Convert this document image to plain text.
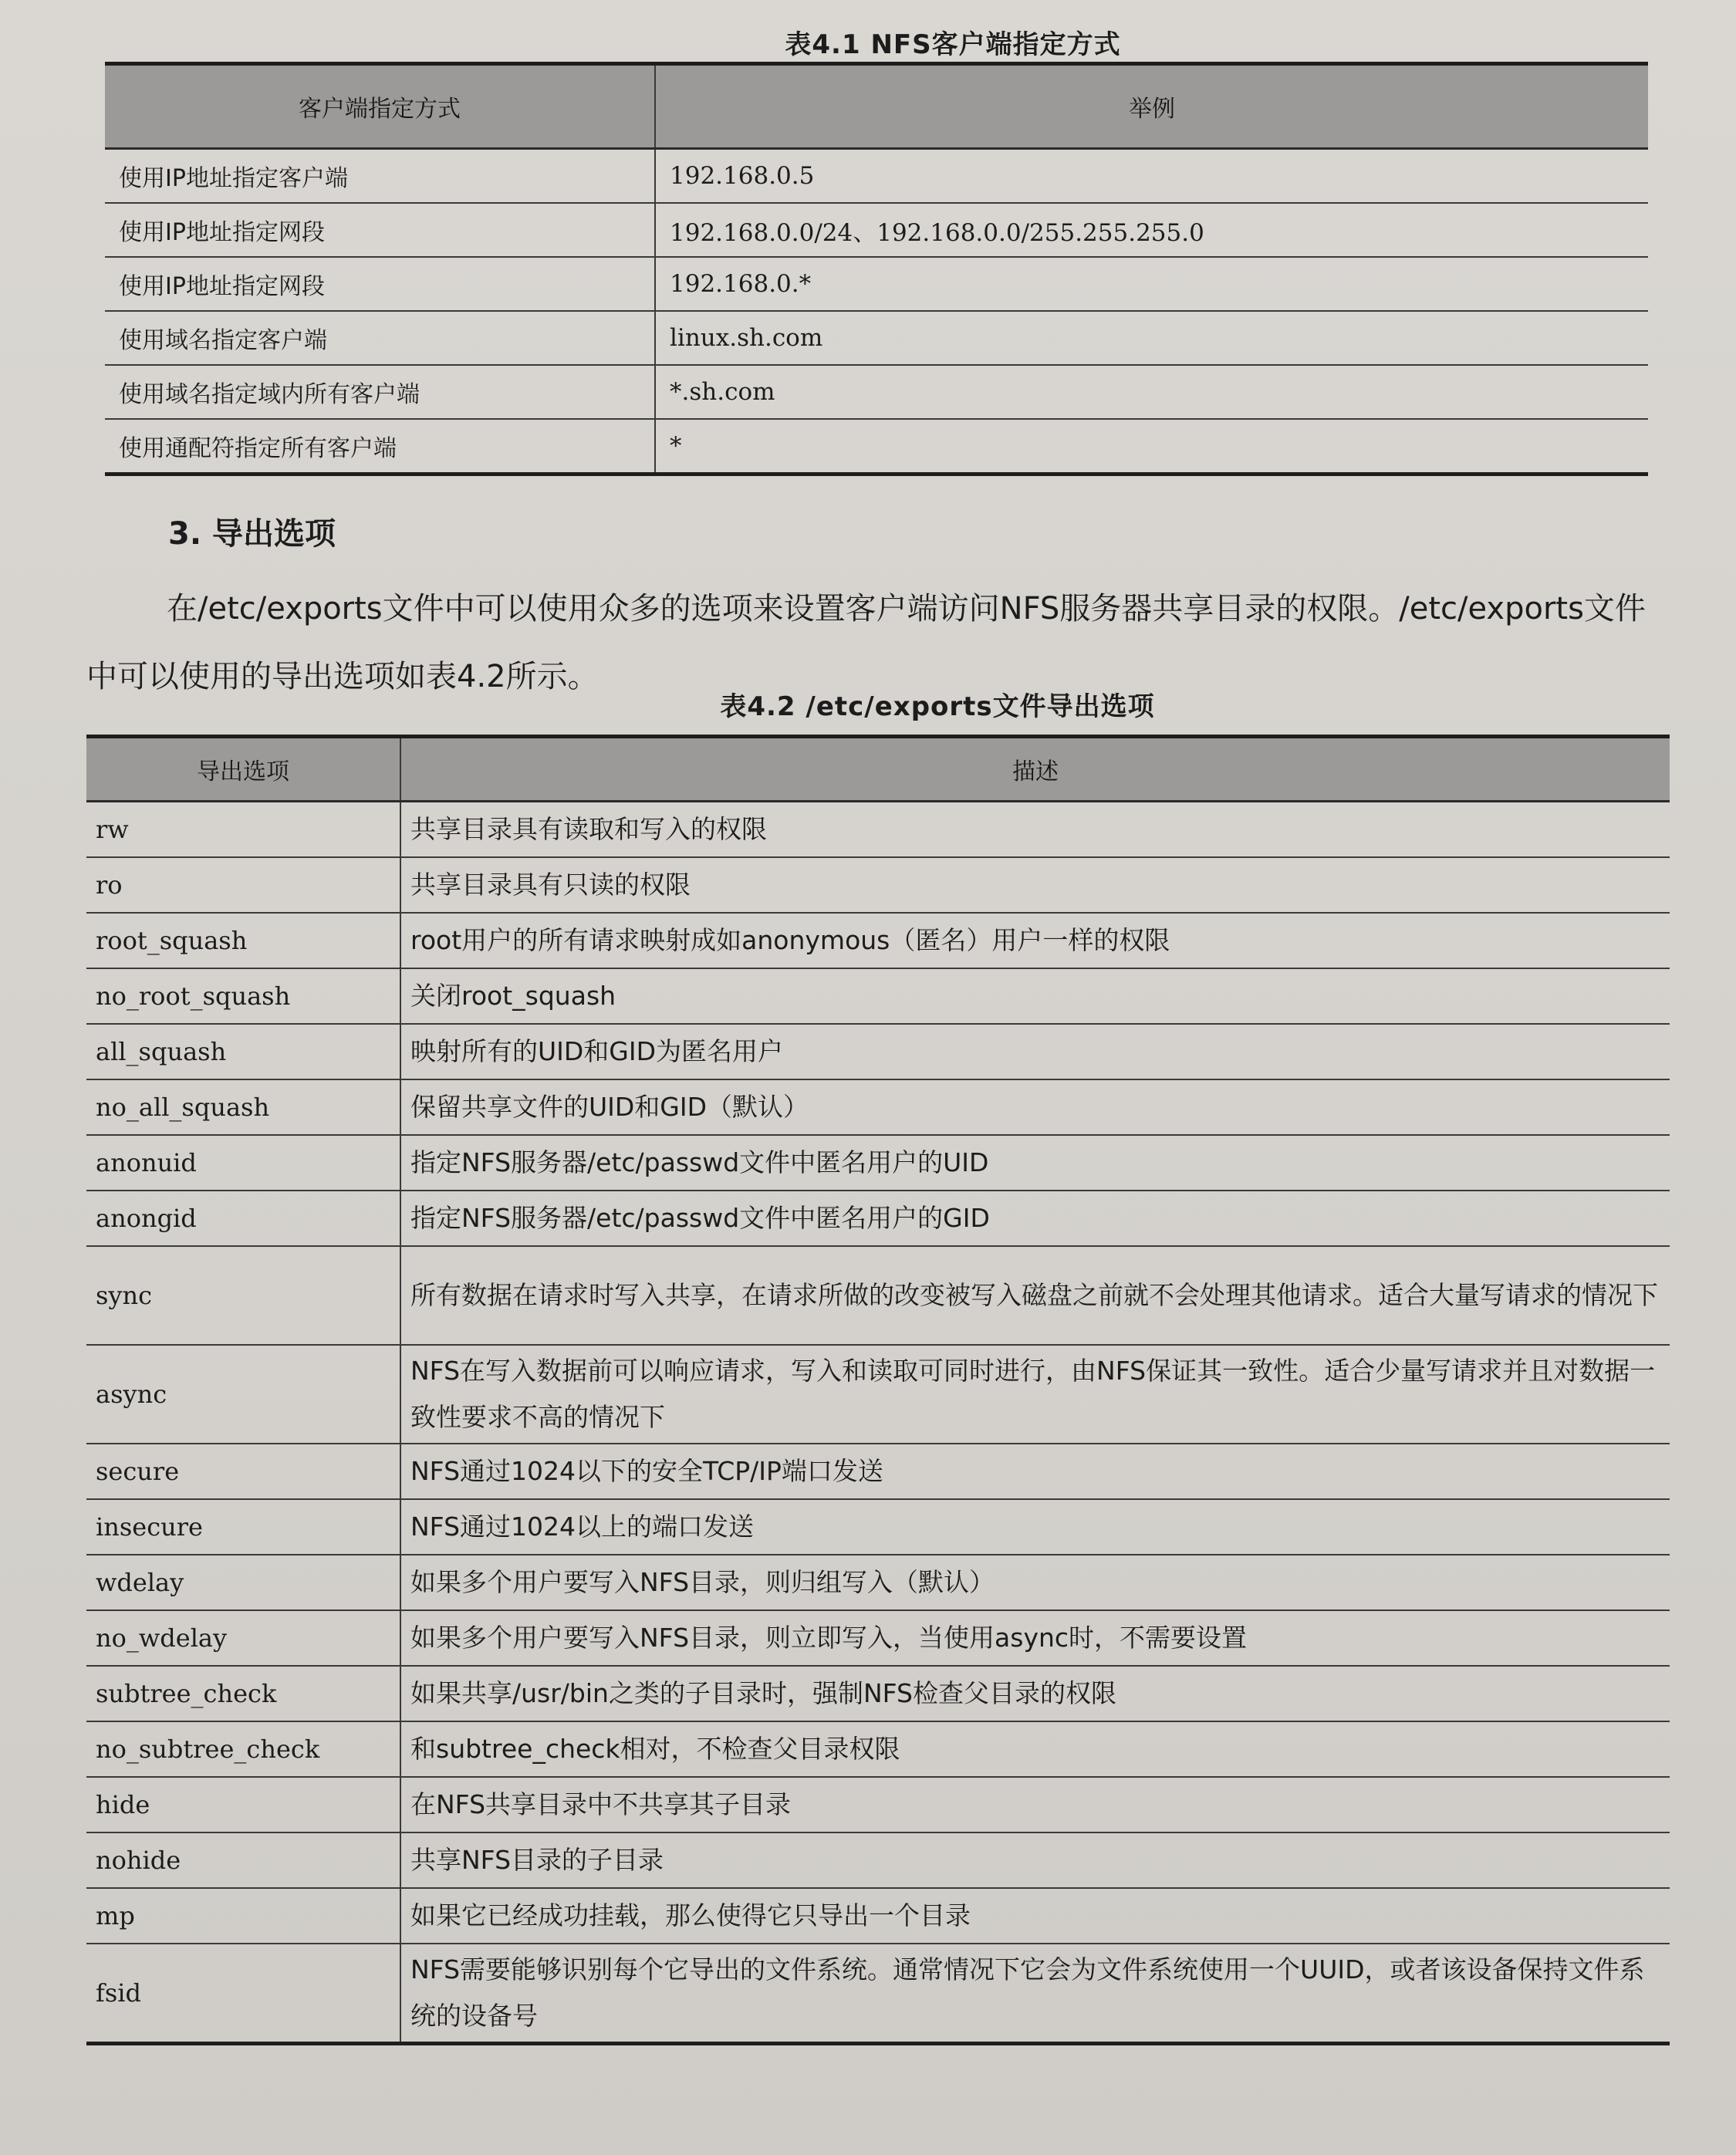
表4.1 NFS客户端指定方式
客户端指定方式	举例
使用IP地址指定客户端	192.168.0.5
使用IP地址指定网段	192.168.0.0/24、192.168.0.0/255.255.255.0
使用IP地址指定网段	192.168.0.*
使用域名指定客户端	linux.sh.com
使用域名指定域内所有客户端	*.sh.com
使用通配符指定所有客户端	*
3. 导出选项
在/etc/exports文件中可以使用众多的选项来设置客户端访问NFS服务器共享目录的权限。/etc/exports文件中可以使用的导出选项如表4.2所示。
表4.2 /etc/exports文件导出选项
导出选项	描述
rw	共享目录具有读取和写入的权限
ro	共享目录具有只读的权限
root_squash	root用户的所有请求映射成如anonymous（匿名）用户一样的权限
no_root_squash	关闭root_squash
all_squash	映射所有的UID和GID为匿名用户
no_all_squash	保留共享文件的UID和GID（默认）
anonuid	指定NFS服务器/etc/passwd文件中匿名用户的UID
anongid	指定NFS服务器/etc/passwd文件中匿名用户的GID
sync	所有数据在请求时写入共享，在请求所做的改变被写入磁盘之前就不会处理其他请求。适合大量写请求的情况下
async	NFS在写入数据前可以响应请求，写入和读取可同时进行，由NFS保证其一致性。适合少量写请求并且对数据一致性要求不高的情况下
secure	NFS通过1024以下的安全TCP/IP端口发送
insecure	NFS通过1024以上的端口发送
wdelay	如果多个用户要写入NFS目录，则归组写入（默认）
no_wdelay	如果多个用户要写入NFS目录，则立即写入，当使用async时，不需要设置
subtree_check	如果共享/usr/bin之类的子目录时，强制NFS检查父目录的权限
no_subtree_check	和subtree_check相对，不检查父目录权限
hide	在NFS共享目录中不共享其子目录
nohide	共享NFS目录的子目录
mp	如果它已经成功挂载，那么使得它只导出一个目录
fsid	NFS需要能够识别每个它导出的文件系统。通常情况下它会为文件系统使用一个UUID，或者该设备保持文件系统的设备号
